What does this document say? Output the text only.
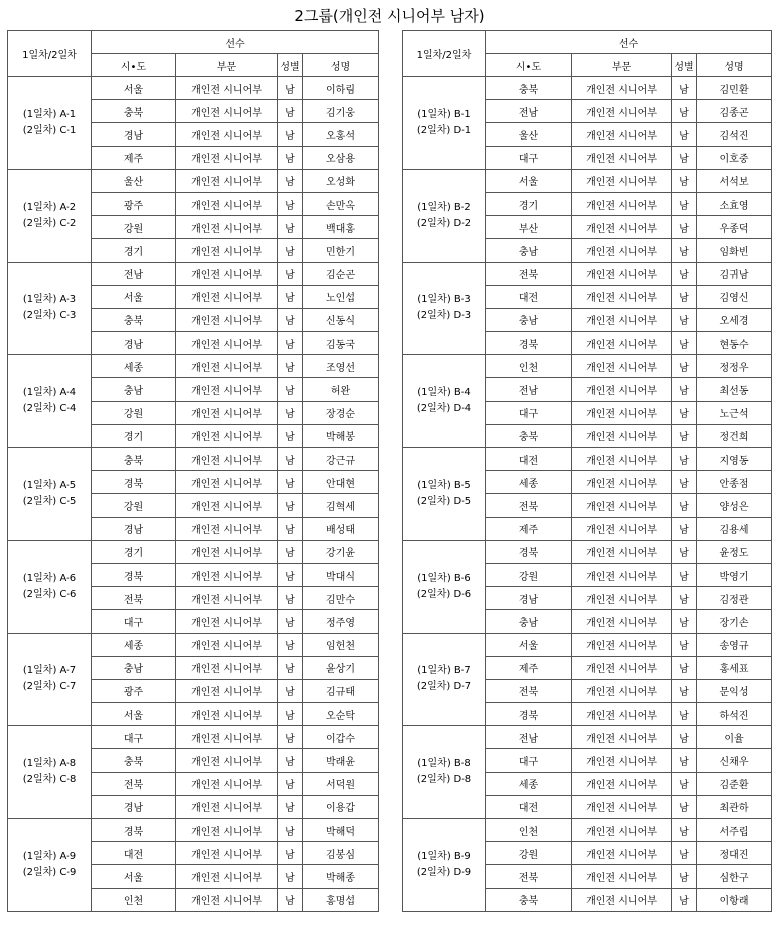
2그룹(개인전 시니어부 남자)
1일차/2일차	선수			
	시•도	부문	성별	성명

(1일차) A-1
(2일차) C-1	서울	개인전 시니어부	남	이하림
	충북	개인전 시니어부	남	김기웅
	경남	개인전 시니어부	남	오홍석
	제주	개인전 시니어부	남	오삼용

(1일차) A-2
(2일차) C-2	울산	개인전 시니어부	남	오성화
	광주	개인전 시니어부	남	손만옥
	강원	개인전 시니어부	남	백대홍
	경기	개인전 시니어부	남	민한기

(1일차) A-3
(2일차) C-3	전남	개인전 시니어부	남	김순곤
	서울	개인전 시니어부	남	노인섭
	충북	개인전 시니어부	남	신동식
	경남	개인전 시니어부	남	김동국

(1일차) A-4
(2일차) C-4	세종	개인전 시니어부	남	조영선
	충남	개인전 시니어부	남	허완
	강원	개인전 시니어부	남	장경순
	경기	개인전 시니어부	남	박해봉

(1일차) A-5
(2일차) C-5	충북	개인전 시니어부	남	강근규
	경북	개인전 시니어부	남	안대현
	강원	개인전 시니어부	남	김혁세
	경남	개인전 시니어부	남	배성태

(1일차) A-6
(2일차) C-6	경기	개인전 시니어부	남	강기윤
	경북	개인전 시니어부	남	박대식
	전북	개인전 시니어부	남	김만수
	대구	개인전 시니어부	남	정주영

(1일차) A-7
(2일차) C-7	세종	개인전 시니어부	남	임헌천
	충남	개인전 시니어부	남	윤상기
	광주	개인전 시니어부	남	김규태
	서울	개인전 시니어부	남	오순탁

(1일차) A-8
(2일차) C-8	대구	개인전 시니어부	남	이갑수
	충북	개인전 시니어부	남	박래윤
	전북	개인전 시니어부	남	서덕원
	경남	개인전 시니어부	남	이용갑

(1일차) A-9
(2일차) C-9	경북	개인전 시니어부	남	박해덕
	대전	개인전 시니어부	남	김봉심
	서울	개인전 시니어부	남	박해종
	인천	개인전 시니어부	남	홍명섭
1일차/2일차	선수			
	시•도	부문	성별	성명

(1일차) B-1
(2일차) D-1	충북	개인전 시니어부	남	김민환
	전남	개인전 시니어부	남	김종곤
	울산	개인전 시니어부	남	김석진
	대구	개인전 시니어부	남	이호중

(1일차) B-2
(2일차) D-2	서울	개인전 시니어부	남	서석보
	경기	개인전 시니어부	남	소효영
	부산	개인전 시니어부	남	우종덕
	충남	개인전 시니어부	남	임화빈

(1일차) B-3
(2일차) D-3	전북	개인전 시니어부	남	김귀남
	대전	개인전 시니어부	남	김영신
	충남	개인전 시니어부	남	오세경
	경북	개인전 시니어부	남	현동수

(1일차) B-4
(2일차) D-4	인천	개인전 시니어부	남	정정우
	전남	개인전 시니어부	남	최선동
	대구	개인전 시니어부	남	노근석
	충북	개인전 시니어부	남	정건희

(1일차) B-5
(2일차) D-5	대전	개인전 시니어부	남	지영동
	세종	개인전 시니어부	남	안종점
	전북	개인전 시니어부	남	양성은
	제주	개인전 시니어부	남	김용세

(1일차) B-6
(2일차) D-6	경북	개인전 시니어부	남	윤정도
	강원	개인전 시니어부	남	박영기
	경남	개인전 시니어부	남	김정관
	충남	개인전 시니어부	남	장기손

(1일차) B-7
(2일차) D-7	서울	개인전 시니어부	남	송영규
	제주	개인전 시니어부	남	홍세표
	전북	개인전 시니어부	남	문익성
	경북	개인전 시니어부	남	하석진

(1일차) B-8
(2일차) D-8	전남	개인전 시니어부	남	이율
	대구	개인전 시니어부	남	신채우
	세종	개인전 시니어부	남	김준환
	대전	개인전 시니어부	남	최관하

(1일차) B-9
(2일차) D-9	인천	개인전 시니어부	남	서주립
	강원	개인전 시니어부	남	정대진
	전북	개인전 시니어부	남	심한구
	충북	개인전 시니어부	남	이항래
